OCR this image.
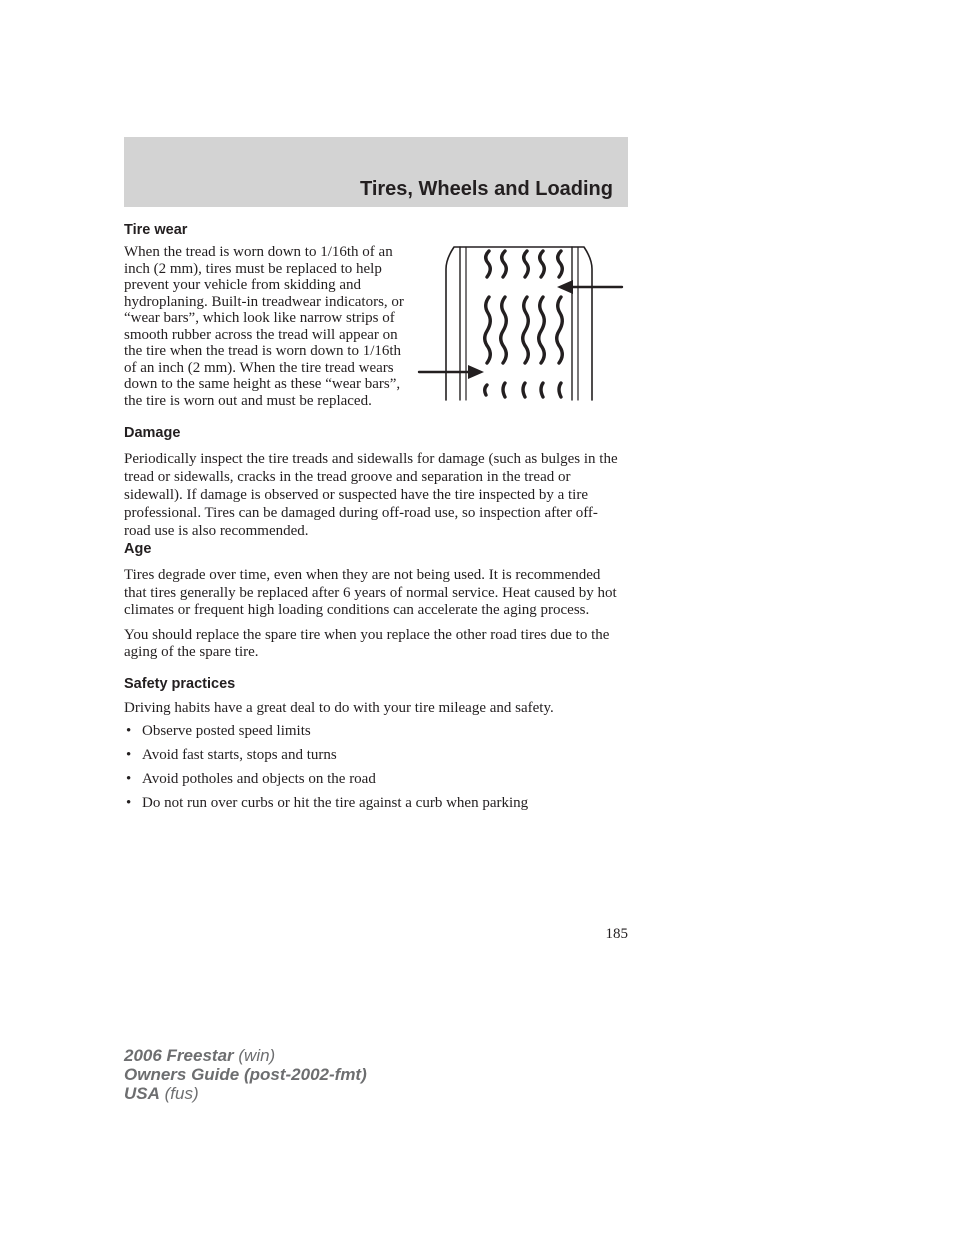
Tires, Wheels and Loading
Tire wear

When the tread is worn down to 1/16th of an inch (2 mm), tires must be replaced to help prevent your vehicle from skidding and hydroplaning. Built-in treadwear indicators, or “wear bars”, which look like narrow strips of smooth rubber across the tread will appear on the tire when the tread is worn down to 1/16th of an inch (2 mm). When the tire tread wears down to the same height as these “wear bars”, the tire is worn out and must be replaced.

Damage

Periodically inspect the tire treads and sidewalls for damage (such as bulges in the tread or sidewalls, cracks in the tread groove and separation in the tread or sidewall). If damage is observed or suspected have the tire inspected by a tire professional. Tires can be damaged during off-road use, so inspection after off-road use is also recommended.

Age

Tires degrade over time, even when they are not being used. It is recommended that tires generally be replaced after 6 years of normal service. Heat caused by hot climates or frequent high loading conditions can accelerate the aging process.

You should replace the spare tire when you replace the other road tires due to the aging of the spare tire.

Safety practices

Driving habits have a great deal to do with your tire mileage and safety.

• Observe posted speed limits
• Avoid fast starts, stops and turns
• Avoid potholes and objects on the road
• Do not run over curbs or hit the tire against a curb when parking
185
2006 Freestar (win)
Owners Guide (post-2002-fmt)
USA (fus)
